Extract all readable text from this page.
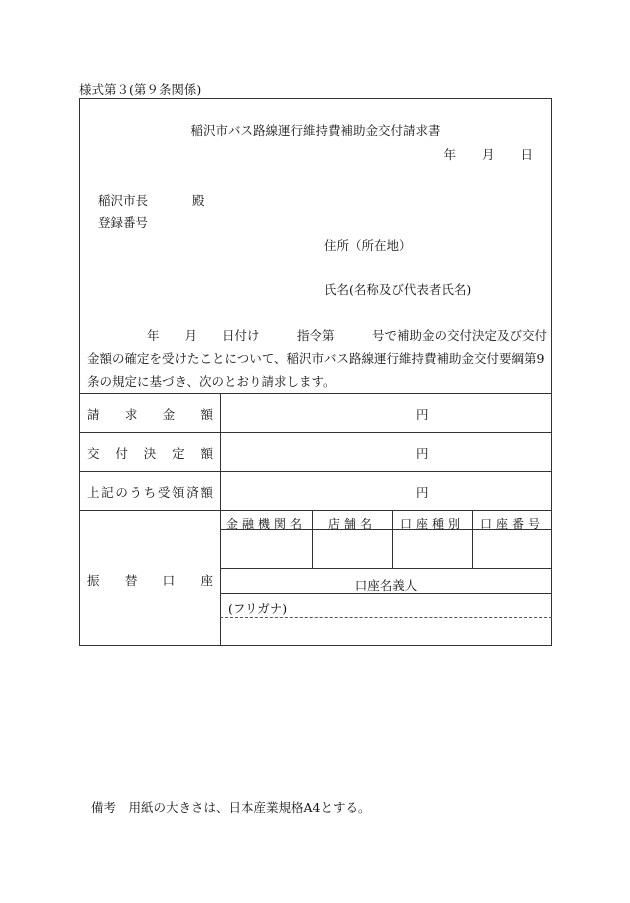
様式第３(第９条関係)
稲沢市バス路線運行維持費補助金交付請求書
年 月 日
稲沢市長	殿
登録番号
住所（所在地）
氏名(名称及び代表者氏名)
年　　月　　日付け　　　指令第　　　号で補助金の交付決定及び交付金額の確定を受けたことについて、稲沢市バス路線運行維持費補助金交付要綱第9条の規定に基づき、次のとおり請求します。
請 求 金 額	円
交 付 決 定 額	円
上 記 の う ち 受 領 済 額	円
振 替 口 座
金融機関名	店舗名	口座種別	口座番号
口座名義人
(フリガナ)
備考　用紙の大きさは、日本産業規格A4とする。
